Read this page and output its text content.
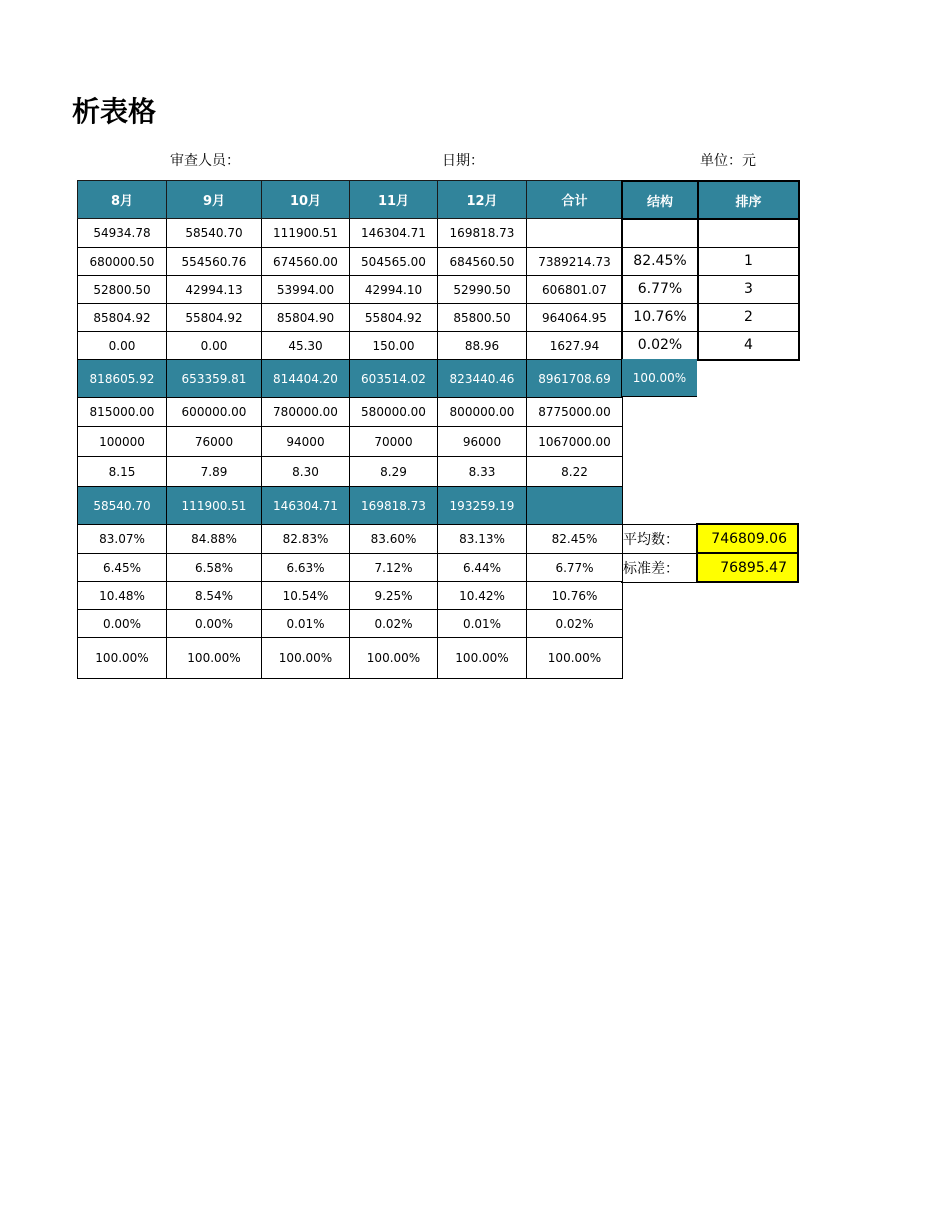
析表格
审查人员：	日期：	单位：元
8月	9月	10月	11月	12月	合计
54934.78	58540.70	111900.51	146304.71	169818.73	
680000.50	554560.76	674560.00	504565.00	684560.50	7389214.73
52800.50	42994.13	53994.00	42994.10	52990.50	606801.07
85804.92	55804.92	85804.90	55804.92	85800.50	964064.95
0.00	0.00	45.30	150.00	88.96	1627.94
818605.92	653359.81	814404.20	603514.02	823440.46	8961708.69
815000.00	600000.00	780000.00	580000.00	800000.00	8775000.00
100000	76000	94000	70000	96000	1067000.00
8.15	7.89	8.30	8.29	8.33	8.22
58540.70	111900.51	146304.71	169818.73	193259.19	
83.07%	84.88%	82.83%	83.60%	83.13%	82.45%
6.45%	6.58%	6.63%	7.12%	6.44%	6.77%
10.48%	8.54%	10.54%	9.25%	10.42%	10.76%
0.00%	0.00%	0.01%	0.02%	0.01%	0.02%
100.00%	100.00%	100.00%	100.00%	100.00%	100.00%
结构	排序

82.45%	1
6.77%	3
10.76%	2
0.02%	4
100.00%
平均数：	746809.06
标准差：	76895.47
